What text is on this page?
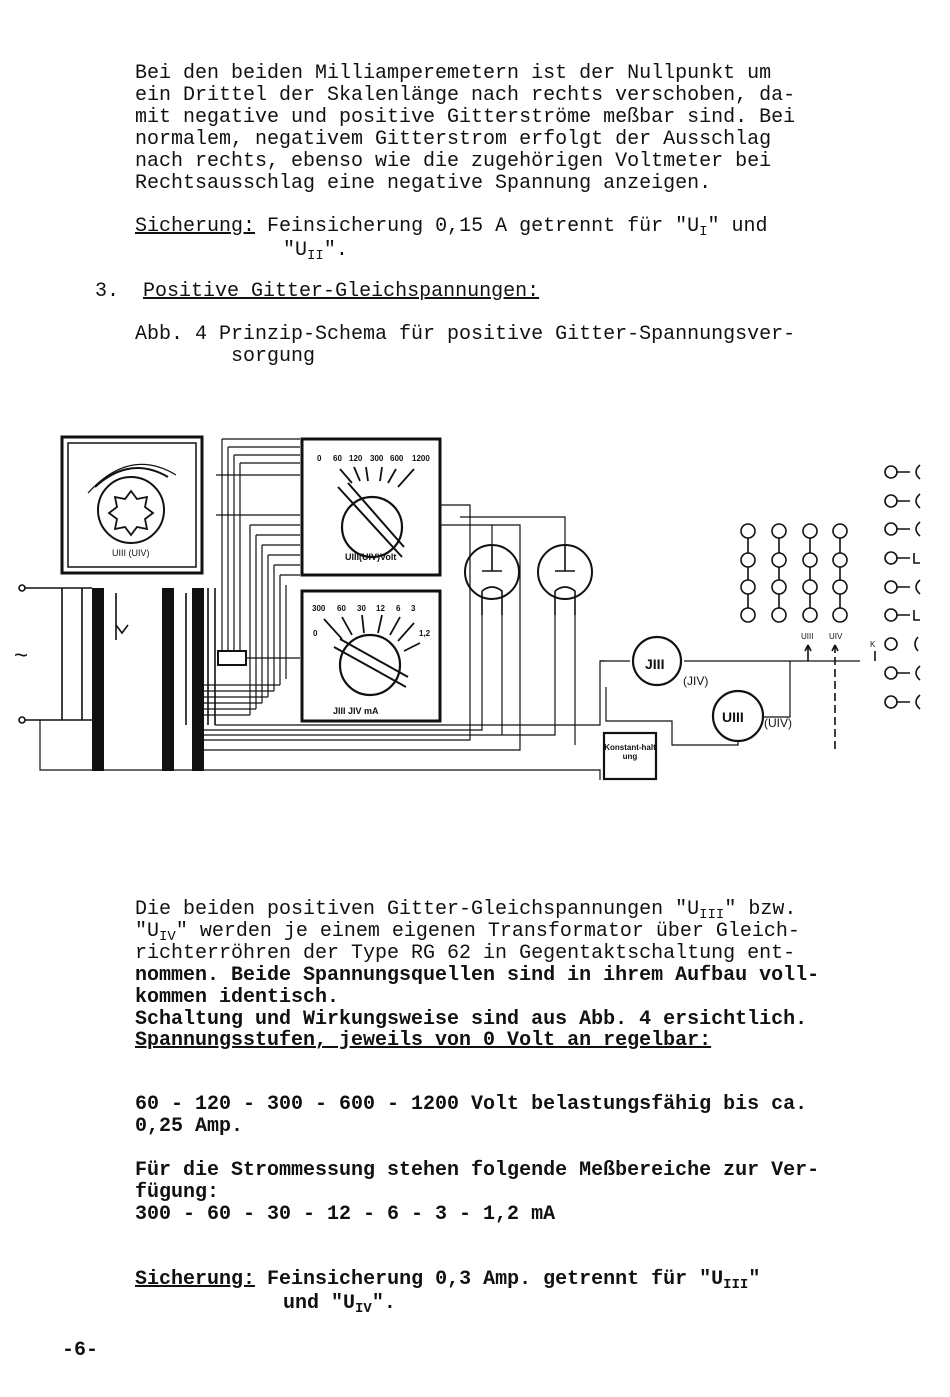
Bei den beiden Milliamperemetern ist der Nullpunkt um
ein Drittel der Skalenlänge nach rechts verschoben, da-
mit negative und positive Gitterströme meßbar sind. Bei
normalem, negativem Gitterstrom erfolgt der Ausschlag
nach rechts, ebenso wie die zugehörigen Voltmeter bei
Rechtsausschlag eine negative Spannung anzeigen.

Sicherung: Feinsicherung 0,15 A getrennt für "$U_I$" und

"$U_{II}$".

3. Positive Gitter-Gleichspannungen:

Abb. 4 Prinzip-Schema für positive Gitter-Spannungsver-
sorgung
UIII (UIV)
0 60 120 300 600 1200
UIII(UIV)Volt
300 60 30 12 6 3
1,2
0
JIII JIV mA
~	JIII
(JIV)
UIII (UIV)
Konstant-haltung
UIII UIV
K

Die beiden positiven Gitter-Gleichspannungen "$U_{III}$" bzw.
"$U_{IV}$" werden je einem eigenen Transformator über Gleich-
richterröhren der Type RG 62 in Gegentaktschaltung ent-
nommen. Beide Spannungsquellen sind in ihrem Aufbau voll-
kommen identisch.
Schaltung und Wirkungsweise sind aus Abb. 4 ersichtlich.
Spannungsstufen, jeweils von 0 Volt an regelbar:

60 - 120 - 300 - 600 - 1200 Volt belastungsfähig bis ca.
0,25 Amp.

Für die Strommessung stehen folgende Meßbereiche zur Ver-
fügung:
300 - 60 - 30 - 12 - 6 - 3 - 1,2 mA

Sicherung: Feinsicherung 0,3 Amp. getrennt für "$U_{III}$"

und "$U_{IV}$".

-6-
